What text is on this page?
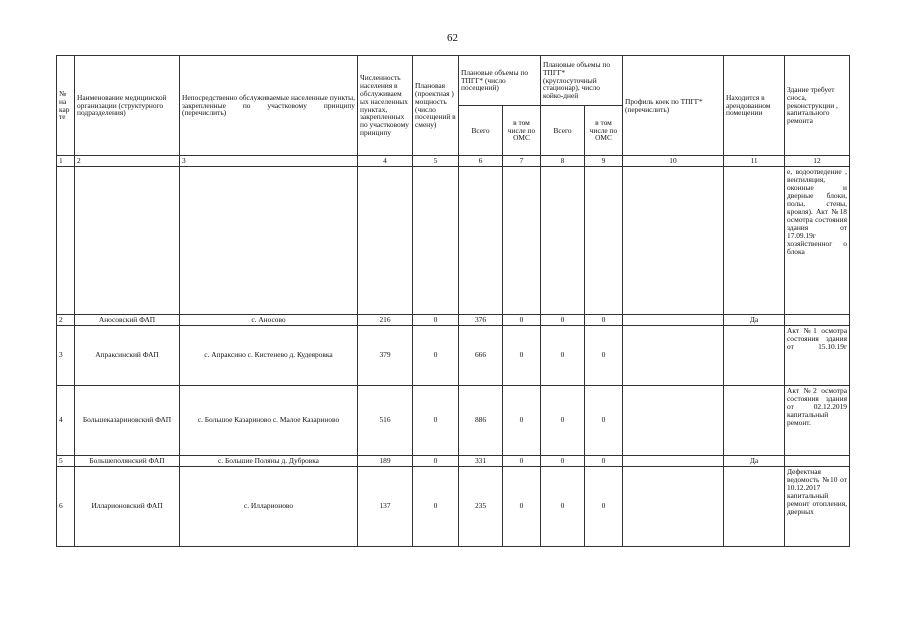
62
№ на кар те	Наименование медицинской организации (структурного подразделения)	Непосредственно обслуживаемые населенные пункты, закрепленные по участковому принципу (перечислить)	Численность населения в обслуживаем ых населенных пунктах, закрепленных по участковому принципу	Плановая (проектная ) мощность (число посещений в смену)	Плановые объемы по ТПГГ* (число посещений)		Плановые объемы по ТПГГ* (круглосуточный стационар), число койко-дней		Профиль коек по ТПГГ* (перечислить)	Находится в арендованном помещении	Здание требует сноса, реконструкции , капитального ремонта
					Всего	в том числе по ОМС	Всего	в том числе по ОМС			
1	2	3	4	5	6	7	8	9	10	11	12
											е, водоотведение , вентиляция, оконные и дверные блоки, полы, стены, кровля). Акт №18 осмотра состояния здания от 17.09.19г хозяйственног о блока
2	Аносовский ФАП	с. Аносово	216	0	376	0	0	0		Да	
3	Апраксинский ФАП	с. Апраксино с. Кистенево д. Кудеяровка	379	0	666	0	0	0			Акт №1 осмотра состояния здания от 15.10.19г
4	Большеказариновский ФАП	с. Большое Казариново с. Малое Казариново	516	0	886	0	0	0			Акт №2 осмотра состояния здания от 02.12.2019 капитальный ремонт.
5	Большеполянский ФАП	с. Большие Поляны д. Дубровка	189	0	331	0	0	0		Да	
6	Илларионовский ФАП	с. Илларионово	137	0	235	0	0	0			Дефектная ведомость №10 от 10.12.2017 капитальный ремонт отопления, дверных
